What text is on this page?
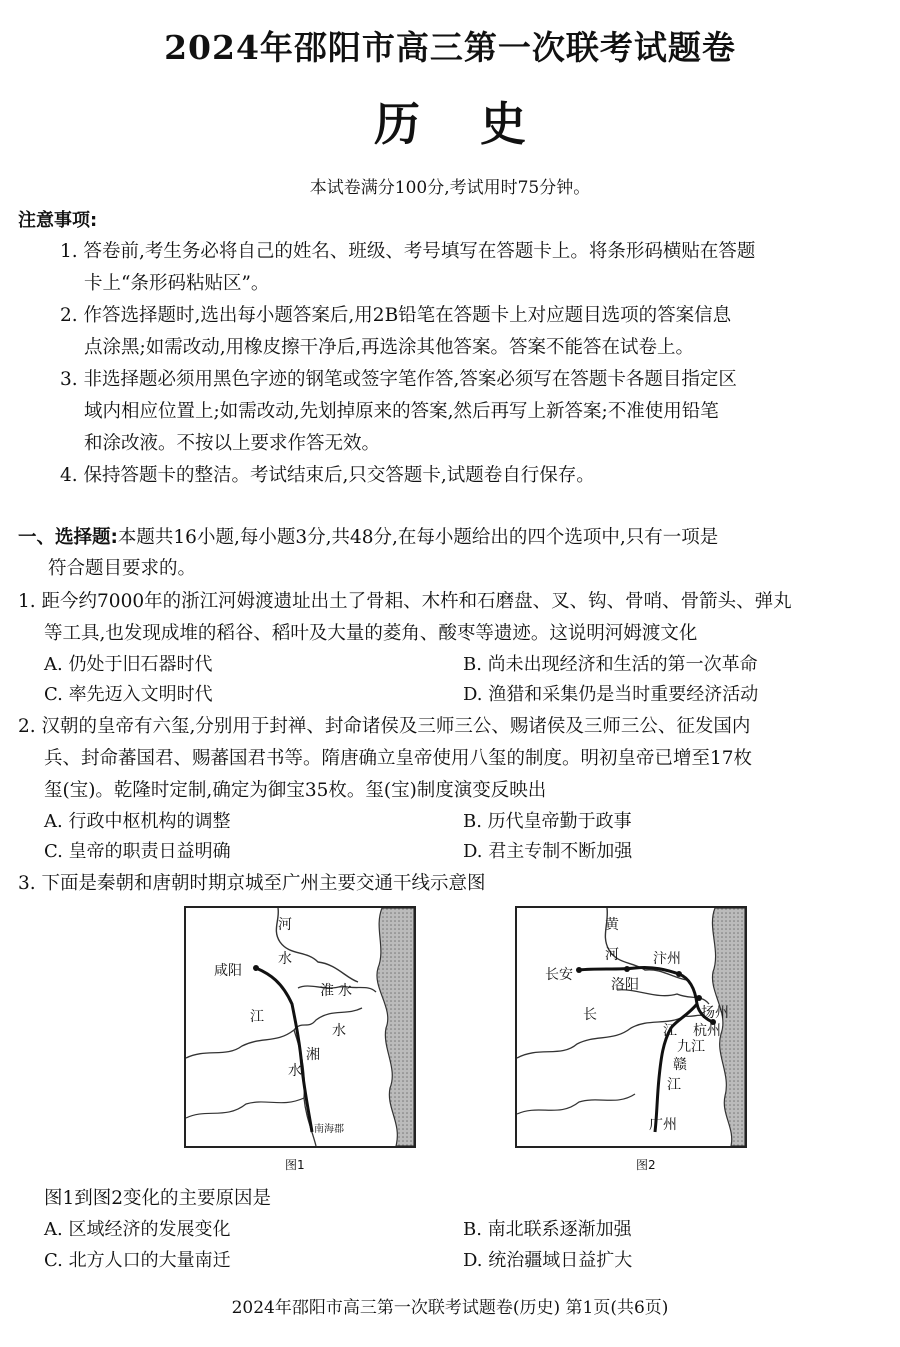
2024年邵阳市高三第一次联考试题卷
历史
本试卷满分100分,考试用时75分钟。
注意事项:
1. 答卷前,考生务必将自己的姓名、班级、考号填写在答题卡上。将条形码横贴在答题
卡上“条形码粘贴区”。
2. 作答选择题时,选出每小题答案后,用2B铅笔在答题卡上对应题目选项的答案信息
点涂黑;如需改动,用橡皮擦干净后,再选涂其他答案。答案不能答在试卷上。
3. 非选择题必须用黑色字迹的钢笔或签字笔作答,答案必须写在答题卡各题目指定区
域内相应位置上;如需改动,先划掉原来的答案,然后再写上新答案;不准使用铅笔
和涂改液。不按以上要求作答无效。
4. 保持答题卡的整洁。考试结束后,只交答题卡,试题卷自行保存。
一、选择题:本题共16小题,每小题3分,共48分,在每小题给出的四个选项中,只有一项是
符合题目要求的。
1. 距今约7000年的浙江河姆渡遗址出土了骨耜、木杵和石磨盘、叉、钩、骨哨、骨箭头、弹丸
等工具,也发现成堆的稻谷、稻叶及大量的菱角、酸枣等遗迹。这说明河姆渡文化
A. 仍处于旧石器时代	B. 尚未出现经济和生活的第一次革命
C. 率先迈入文明时代	D. 渔猎和采集仍是当时重要经济活动
2. 汉朝的皇帝有六玺,分别用于封禅、封命诸侯及三师三公、赐诸侯及三师三公、征发国内
兵、封命蕃国君、赐蕃国君书等。隋唐确立皇帝使用八玺的制度。明初皇帝已增至17枚
玺(宝)。乾隆时定制,确定为御宝35枚。玺(宝)制度演变反映出
A. 行政中枢机构的调整	B. 历代皇帝勤于政事
C. 皇帝的职责日益明确	D. 君主专制不断加强
3. 下面是秦朝和唐朝时期京城至广州主要交通干线示意图
河
水
咸阳
淮 水
江
水
湘
水
南海郡
图1
黄
河 汴州
长安
洛阳
扬州
长
江 杭州
九江
赣
江
广州
图2
图1到图2变化的主要原因是
A. 区域经济的发展变化	B. 南北联系逐渐加强
C. 北方人口的大量南迁	D. 统治疆域日益扩大
2024年邵阳市高三第一次联考试题卷(历史) 第1页(共6页)
